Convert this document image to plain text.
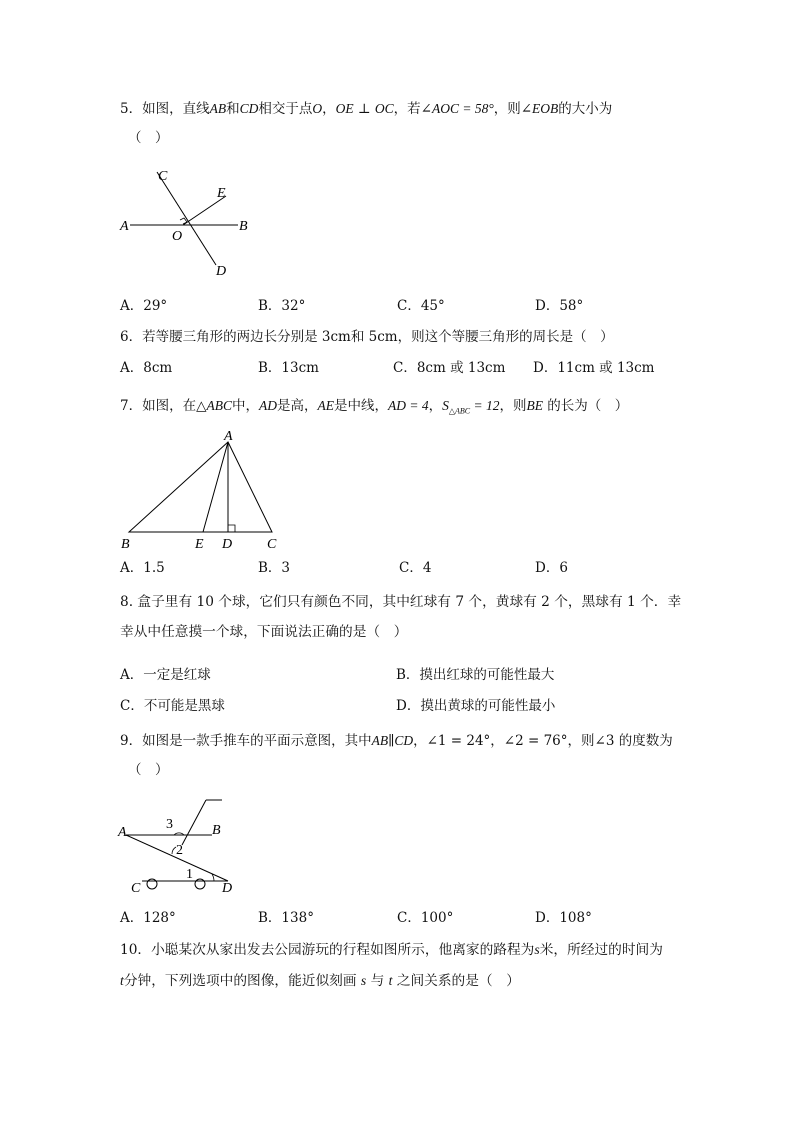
5．如图，直线AB和CD相交于点O，OE ⊥ OC，若∠AOC = 58°，则∠EOB的大小为
（　）
C
E
A
O
B
D
A．29°	B．32°	C．45°	D．58°
6．若等腰三角形的两边长分别是 3cm和 5cm，则这个等腰三角形的周长是（　）
A．8cm	B．13cm	C．8cm 或 13cm D．11cm 或 13cm
7．如图，在△ABC中，AD是高，AE是中线，AD = 4，$S_{\triangle ABC} = 12$，则BE 的长为（　）
A
B	E D C
A．1.5	B．3	C．4	D．6
8. 盒子里有 10 个球，它们只有颜色不同，其中红球有 7 个，黄球有 2 个，黑球有 1 个．幸
幸从中任意摸一个球，下面说法正确的是（　）
A．一定是红球	B．摸出红球的可能性最大
C．不可能是黑球	D．摸出黄球的可能性最小
9．如图是一款手推车的平面示意图，其中AB∥CD，∠1 = 24°，∠2 = 76°，则∠3 的度数为
（　）
A	B
3
2
1
C	D
A．128°	B．138°	C．100°	D．108°
10．小聪某次从家出发去公园游玩的行程如图所示，他离家的路程为s米，所经过的时间为
t分钟，下列选项中的图像，能近似刻画 s 与 t 之间关系的是（　）
